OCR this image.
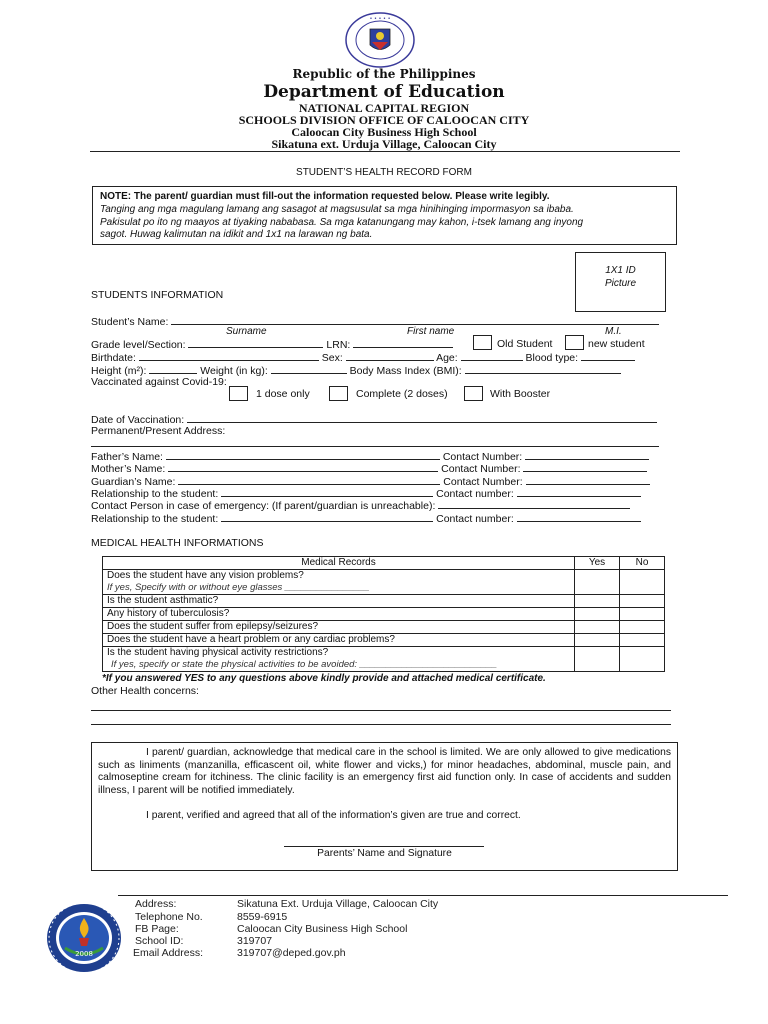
• • • • •
Republic of the Philippines
Department of Education
NATIONAL CAPITAL REGION
SCHOOLS DIVISION OFFICE OF CALOOCAN CITY
Caloocan City Business High School
Sikatuna ext. Urduja Village, Caloocan City
STUDENT’S HEALTH RECORD FORM
NOTE: The parent/ guardian must fill-out the information requested below. Please write legibly.
Tanging ang mga magulang lamang ang sasagot at magsusulat sa mga hinihinging impormasyon sa ibaba.
Pakisulat po ito ng maayos at tiyaking nababasa. Sa mga katanungang may kahon, i-tsek lamang ang inyong
sagot. Huwag kalimutan na idikit and 1x1 na larawan ng bata.
1X1 ID
Picture
STUDENTS INFORMATION
Student’s Name:
Surname	First name	M.I.
Grade level/Section:	LRN:	Old Student	new student
Birthdate:	Sex:	Age:	Blood type:
Height (m²):	Weight (in kg):	Body Mass Index (BMI):
Vaccinated against Covid-19:
1 dose only	Complete (2 doses)	With Booster
Date of Vaccination:
Permanent/Present Address:
Father’s Name:	Contact Number:
Mother’s Name:	Contact Number:
Guardian’s Name:	Contact Number:
Relationship to the student:	Contact number:
Contact Person in case of emergency: (If parent/guardian is unreachable):
Relationship to the student:	Contact number:
MEDICAL HEALTH INFORMATIONS
Medical Records	Yes	No

Does the student have any vision problems?
If yes, Specify with or without eye glasses ________________		

Is the student asthmatic?		
Any history of tuberculosis?		
Does the student suffer from epilepsy/seizures?		
Does the student have a heart problem or any cardiac problems?		

Is the student having physical activity restrictions?
If yes, specify or state the physical activities to be avoided: __________________________		

*If you answered YES to any questions above kindly provide and attached medical certificate.
Other Health concerns:
I parent/ guardian, acknowledge that medical care in the school is limited. We are only allowed to give medications such as liniments (manzanilla, efficascent oil, white flower and vicks,) for minor headaches, abdominal, muscle pain, and calmoseptine cream for itchiness. The clinic facility is an emergency first aid function only. In case of accidents and sudden illness, I parent will be notified immediately.
I parent, verified and agreed that all of the information’s given are true and correct.
Parents’ Name and Signature
2008
Address:	Sikatuna Ext. Urduja Village, Caloocan City
Telephone No.	8559-6915
FB Page:	Caloocan City Business High School
School ID:	319707
Email Address:	319707@deped.gov.ph
